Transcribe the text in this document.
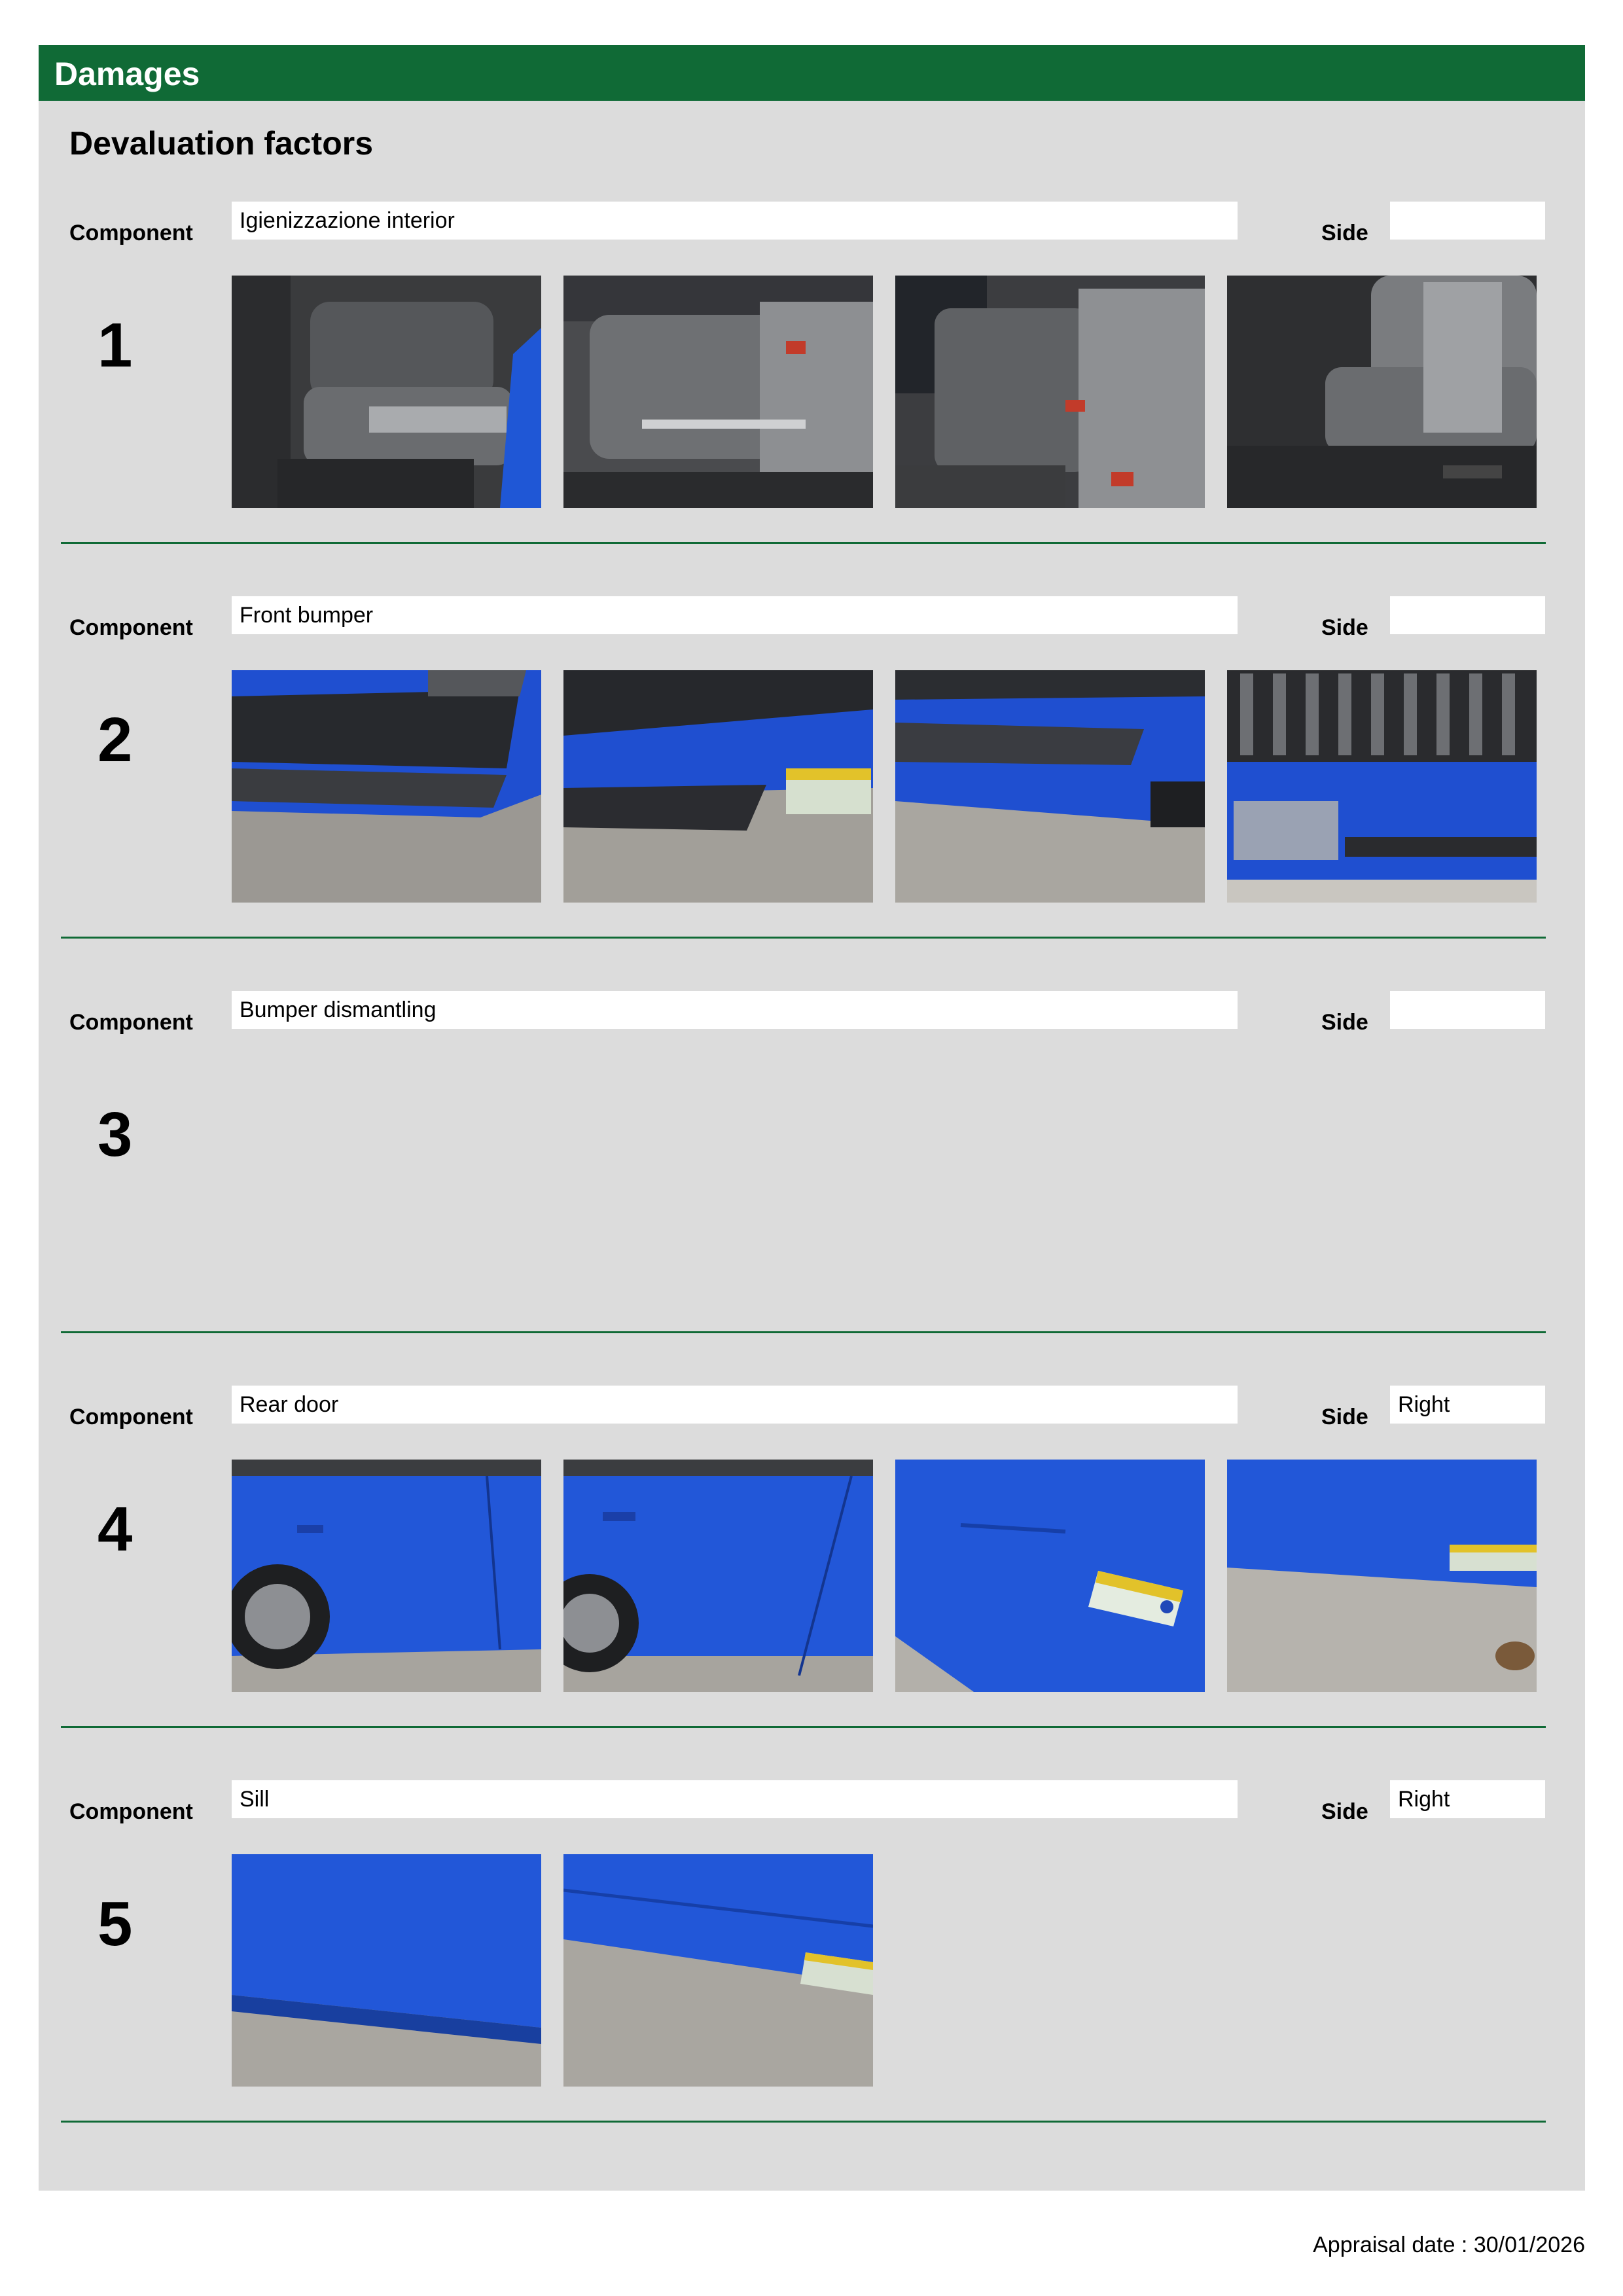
Damages
Devaluation factors
Component	Igienizzazione interior	Side
1
Component	Front bumper	Side
2
Component	Bumper dismantling	Side
3
Component	Rear door	Side	Right
4
Component	Sill	Side	Right
5
Appraisal date : 30/01/2026
